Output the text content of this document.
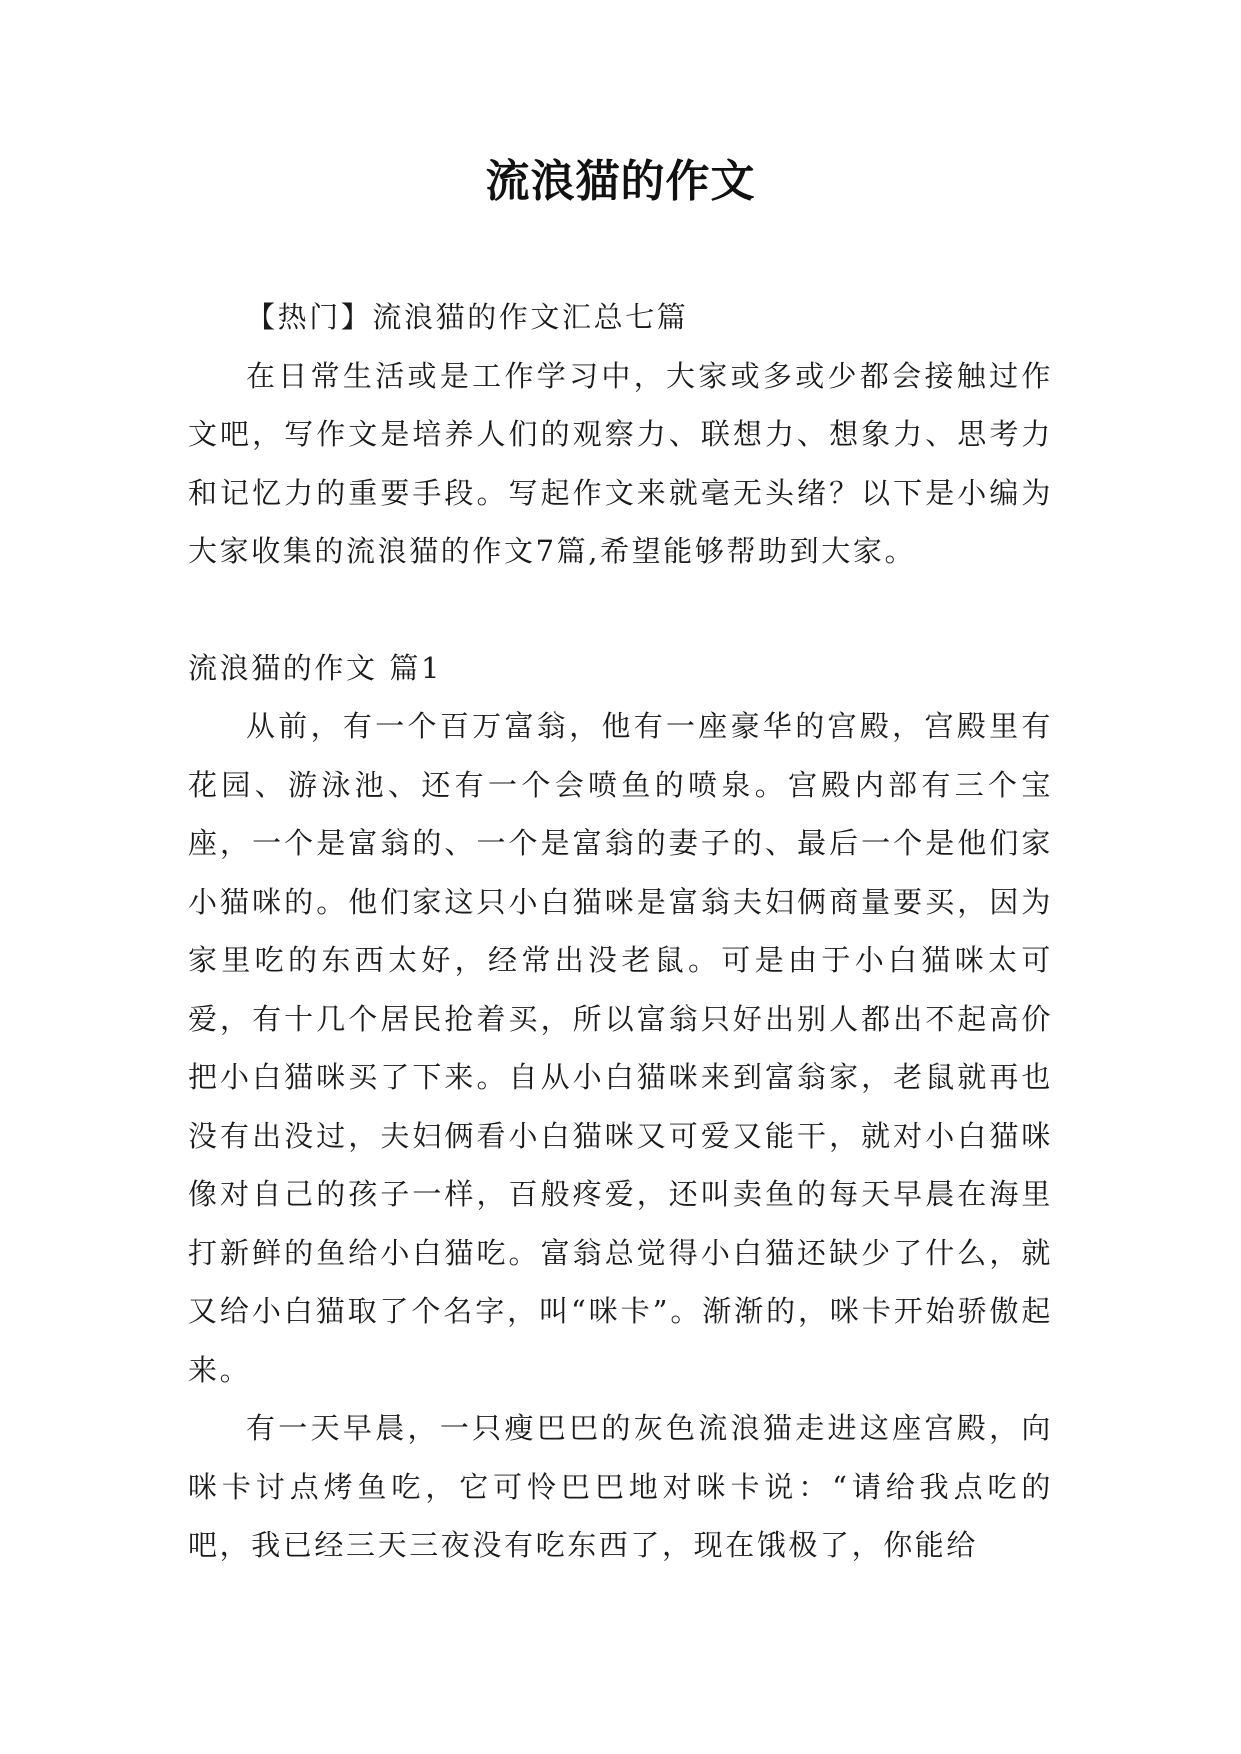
流浪猫的作文

【热门】流浪猫的作文汇总七篇

在日常生活或是工作学习中，大家或多或少都会接触过作文吧，写作文是培养人们的观察力、联想力、想象力、思考力和记忆力的重要手段。写起作文来就毫无头绪？以下是小编为大家收集的流浪猫的作文7篇,希望能够帮助到大家。

流浪猫的作文 篇1

从前，有一个百万富翁，他有一座豪华的宫殿，宫殿里有花园、游泳池、还有一个会喷鱼的喷泉。宫殿内部有三个宝座，一个是富翁的、一个是富翁的妻子的、最后一个是他们家小猫咪的。他们家这只小白猫咪是富翁夫妇俩商量要买，因为家里吃的东西太好，经常出没老鼠。可是由于小白猫咪太可爱，有十几个居民抢着买，所以富翁只好出别人都出不起高价把小白猫咪买了下来。自从小白猫咪来到富翁家，老鼠就再也没有出没过，夫妇俩看小白猫咪又可爱又能干，就对小白猫咪像对自己的孩子一样，百般疼爱，还叫卖鱼的每天早晨在海里打新鲜的鱼给小白猫吃。富翁总觉得小白猫还缺少了什么，就又给小白猫取了个名字，叫“咪卡”。渐渐的，咪卡开始骄傲起来。

有一天早晨，一只瘦巴巴的灰色流浪猫走进这座宫殿，向咪卡讨点烤鱼吃，它可怜巴巴地对咪卡说：“请给我点吃的吧，我已经三天三夜没有吃东西了，现在饿极了，你能给
